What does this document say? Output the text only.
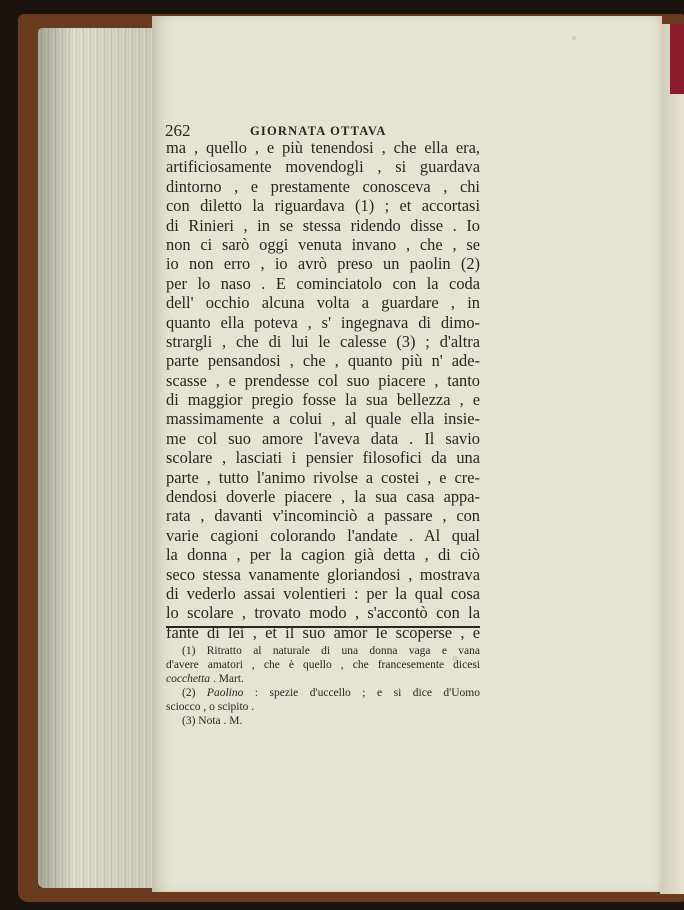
262	GIORNATA OTTAVA
ma , quello , e più tenendosi , che ella era,
artificiosamente movendogli , si guardava
dintorno , e prestamente conosceva , chi
con diletto la riguardava (1) ; et accortasi
di Rinieri , in se stessa ridendo disse . Io
non ci sarò oggi venuta invano , che , se
io non erro , io avrò preso un paolin (2)
per lo naso . E cominciatolo con la coda
dell' occhio alcuna volta a guardare , in
quanto ella poteva , s' ingegnava di dimo-
strargli , che di lui le calesse (3) ; d'altra
parte pensandosi , che , quanto più n' ade-
scasse , e prendesse col suo piacere , tanto
di maggior pregio fosse la sua bellezza , e
massimamente a colui , al quale ella insie-
me col suo amore l'aveva data . Il savio
scolare , lasciati i pensier filosofici da una
parte , tutto l'animo rivolse a costei , e cre-
dendosi doverle piacere , la sua casa appa-
rata , davanti v'incominciò a passare , con
varie cagioni colorando l'andate . Al qual
la donna , per la cagion già detta , di ciò
seco stessa vanamente gloriandosi , mostrava
di vederlo assai volentieri : per la qual cosa
lo scolare , trovato modo , s'accontò con la
fante di lei , et il suo amor le scoperse , e
(1) Ritratto al naturale di una donna vaga e vana
d'avere amatori , che è quello , che francesemente dicesi
cocchetta . Mart.
(2) Paolino : spezie d'uccello ; e si dice d'Uomo
sciocco , o scipito .
(3) Nota . M.
